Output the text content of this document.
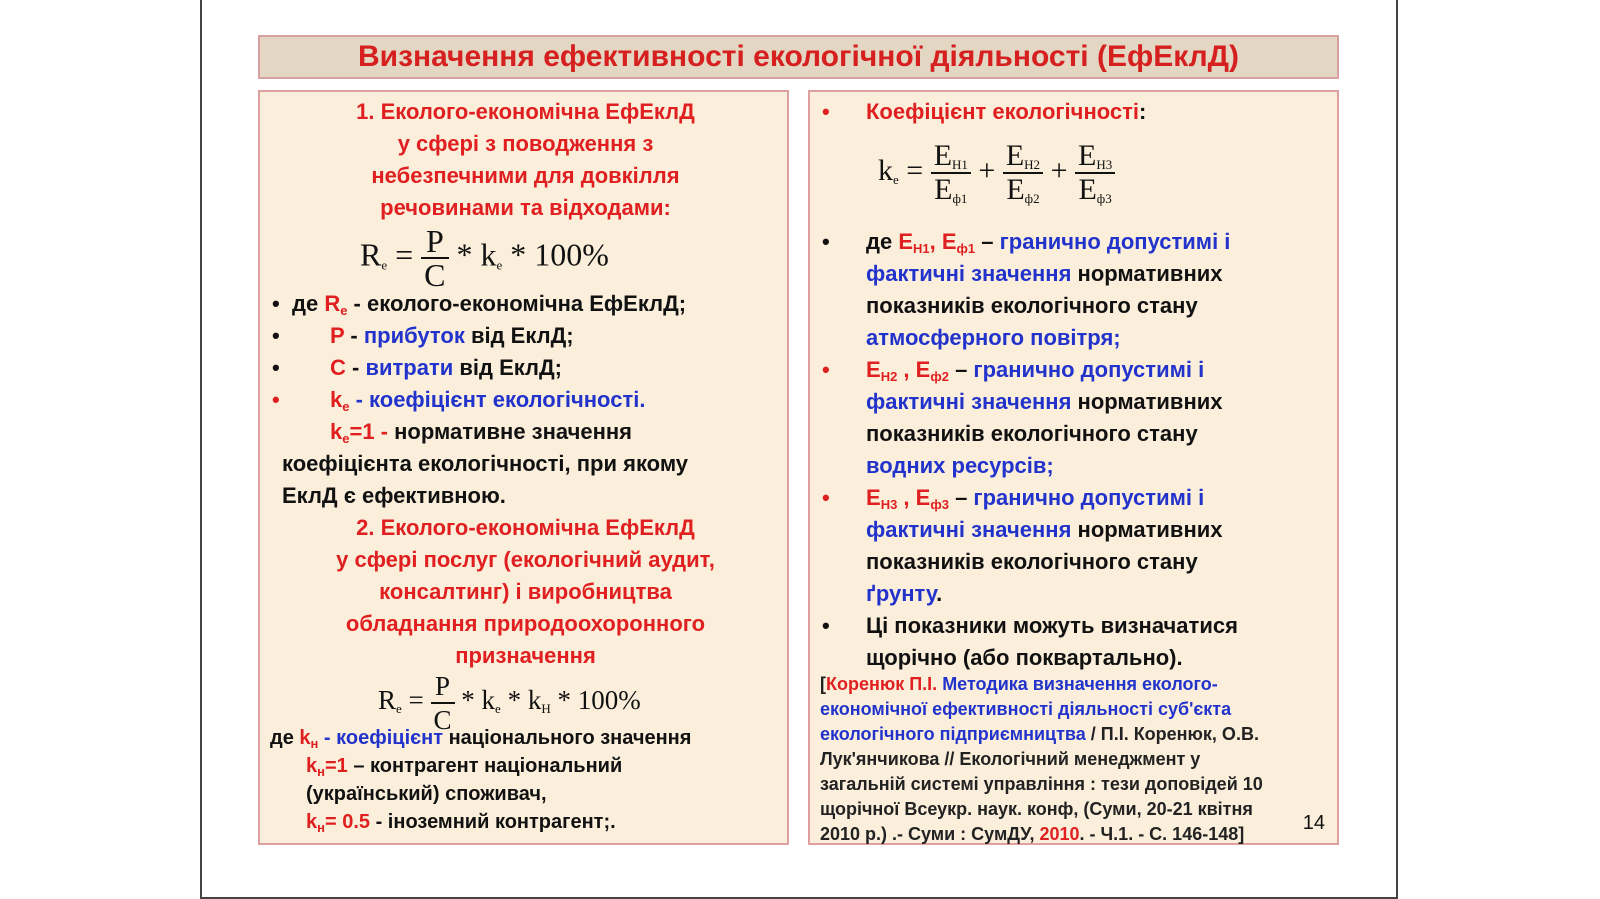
Визначення ефективності екологічної діяльності (ЕфЕклД)
1. Еколого-економічна ЕфЕклД
у сфері з поводження з
небезпечними для довкілля
речовинами та відходами:
$R_e = \frac{P}{C} * k_e * 100\%$
• де $R_e$ - еколого-економічна ЕфЕклД;
• P - прибуток від ЕклД;
• C - витрати від ЕклД;
• $k_e$ - коефіцієнт екологічності.
$k_e=1$ - нормативне значення
коефіцієнта екологічності, при якому
ЕклД є ефективною.
2. Еколого-економічна ЕфЕклД
у сфері послуг (екологічний аудит,
консалтинг) і виробництва
обладнання природоохоронного
призначення
$R_e = \frac{P}{C} * k_e * k_H * 100\%$
де $k_н$ - коефіцієнт національного значення
$k_н=1$ – контрагент національний
(український) споживач,
$k_н= 0.5$ - іноземний контрагент;.
• Коефіцієнт екологічності:
$k_e = \frac{E_{H1}}{E_{ф1}} + \frac{E_{H2}}{E_{ф2}} + \frac{E_{H3}}{E_{ф3}}$
• де $E_{Н1}$, $E_{ф1}$ – гранично допустимі і
фактичні значення нормативних
показників екологічного стану
атмосферного повітря;
• $E_{Н2}$ , $E_{ф2}$ – гранично допустимі і
фактичні значення нормативних
показників екологічного стану
водних ресурсів;
• $E_{Н3}$ , $E_{ф3}$ – гранично допустимі і
фактичні значення нормативних
показників екологічного стану
ґрунту.
• Ці показники можуть визначатися
щорічно (або поквартально).
[Коренюк П.І. Методика визначення еколого-
економічної ефективності діяльності суб'єкта
екологічного підприємництва / П.І. Коренюк, О.В.
Лук'янчикова // Екологічний менеджмент у
загальній системі управління : тези доповідей 10
щорічної Всеукр. наук. конф, (Суми, 20-21 квітня
2010 р.) .- Суми : СумДУ, 2010. - Ч.1. - С. 146-148]	14
